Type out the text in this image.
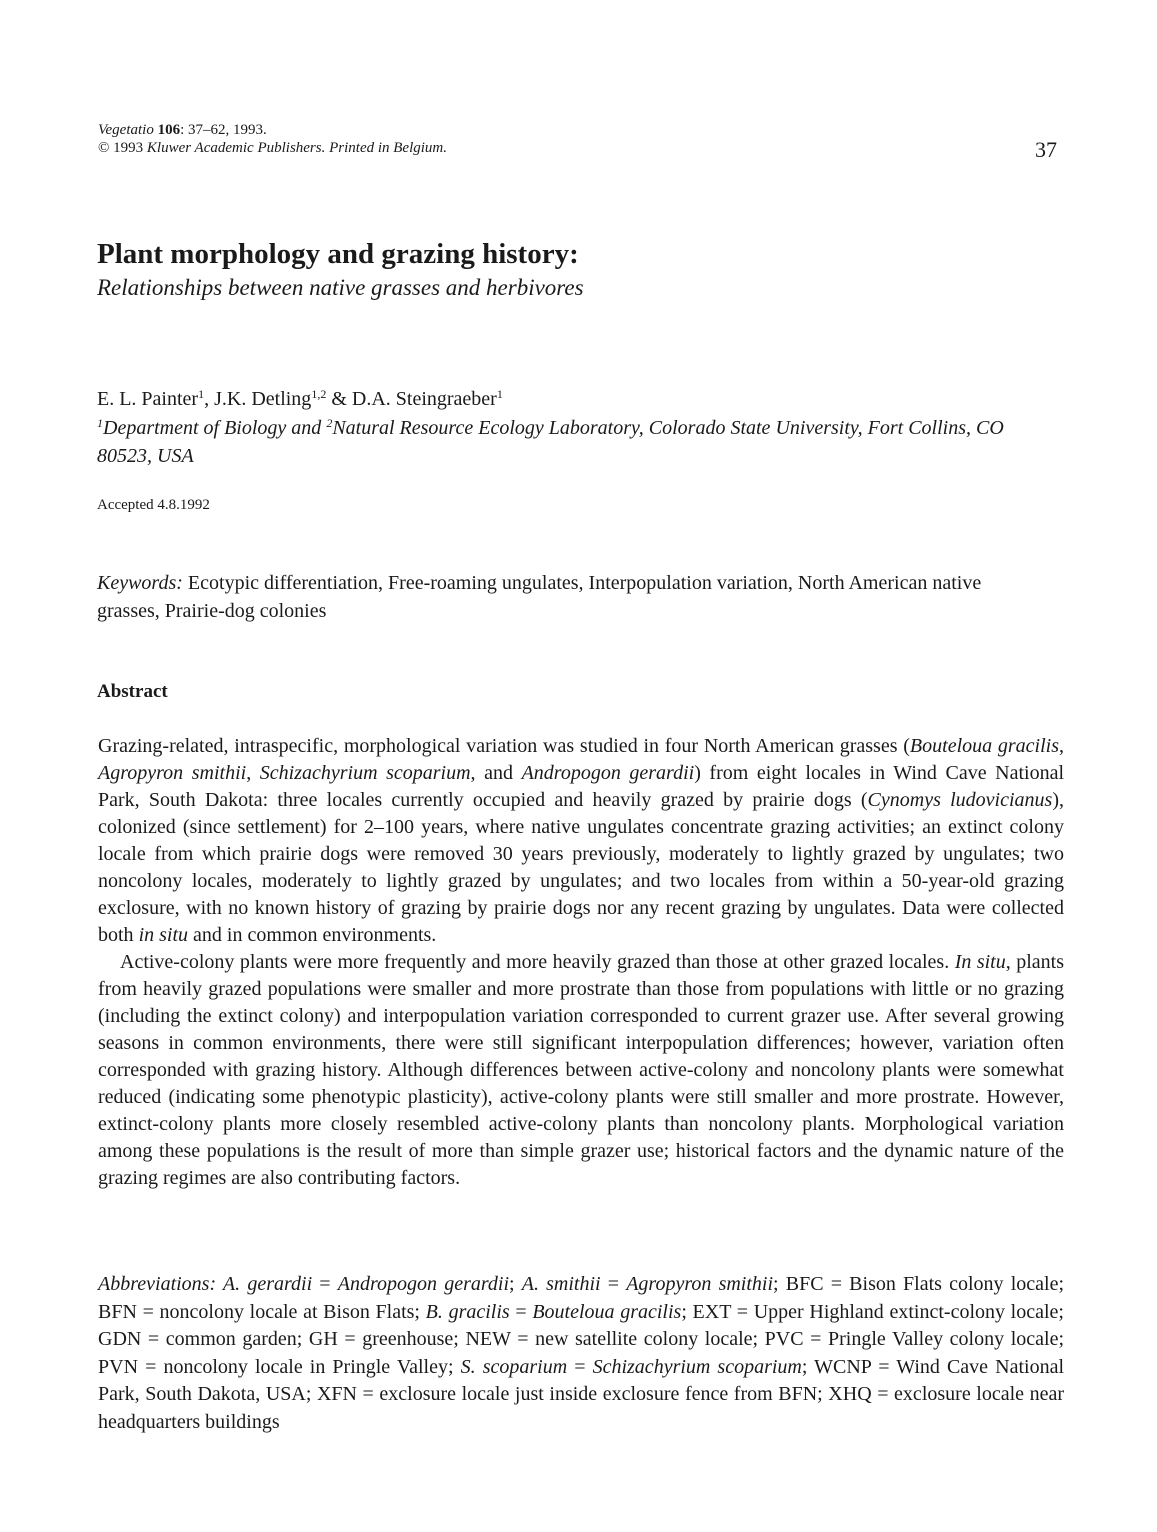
Vegetatio 106: 37–62, 1993.
© 1993 Kluwer Academic Publishers. Printed in Belgium.	37
Plant morphology and grazing history:
Relationships between native grasses and herbivores
E. L. Painter$^1$, J.K. Detling$^{1,2}$ & D.A. Steingraeber$^1$
$^1$Department of Biology and $^2$Natural Resource Ecology Laboratory, Colorado State University, Fort Collins, CO 80523, USA
Accepted 4.8.1992
Keywords: Ecotypic differentiation, Free-roaming ungulates, Interpopulation variation, North American native grasses, Prairie-dog colonies
Abstract

Grazing-related, intraspecific, morphological variation was studied in four North American grasses (Bouteloua gracilis, Agropyron smithii, Schizachyrium scoparium, and Andropogon gerardii) from eight locales in Wind Cave National Park, South Dakota: three locales currently occupied and heavily grazed by prairie dogs (Cynomys ludovicianus), colonized (since settlement) for 2–100 years, where native ungulates concentrate grazing activities; an extinct colony locale from which prairie dogs were removed 30 years previously, moderately to lightly grazed by ungulates; two noncolony locales, moderately to lightly grazed by ungulates; and two locales from within a 50-year-old grazing exclosure, with no known history of grazing by prairie dogs nor any recent grazing by ungulates. Data were collected both in situ and in common environments.

Active-colony plants were more frequently and more heavily grazed than those at other grazed locales. In situ, plants from heavily grazed populations were smaller and more prostrate than those from populations with little or no grazing (including the extinct colony) and interpopulation variation corresponded to current grazer use. After several growing seasons in common environments, there were still significant interpopulation differences; however, variation often corresponded with grazing history. Although differences between active-colony and noncolony plants were somewhat reduced (indicating some phenotypic plasticity), active-colony plants were still smaller and more prostrate. However, extinct-colony plants more closely resembled active-colony plants than noncolony plants. Morphological variation among these populations is the result of more than simple grazer use; historical factors and the dynamic nature of the grazing regimes are also contributing factors.

Abbreviations: A. gerardii = Andropogon gerardii; A. smithii = Agropyron smithii; BFC = Bison Flats colony locale; BFN = noncolony locale at Bison Flats; B. gracilis = Bouteloua gracilis; EXT = Upper Highland extinct-colony locale; GDN = common garden; GH = greenhouse; NEW = new satellite colony locale; PVC = Pringle Valley colony locale; PVN = noncolony locale in Pringle Valley; S. scoparium = Schizachyrium scoparium; WCNP = Wind Cave National Park, South Dakota, USA; XFN = exclosure locale just inside exclosure fence from BFN; XHQ = exclosure locale near headquarters buildings
